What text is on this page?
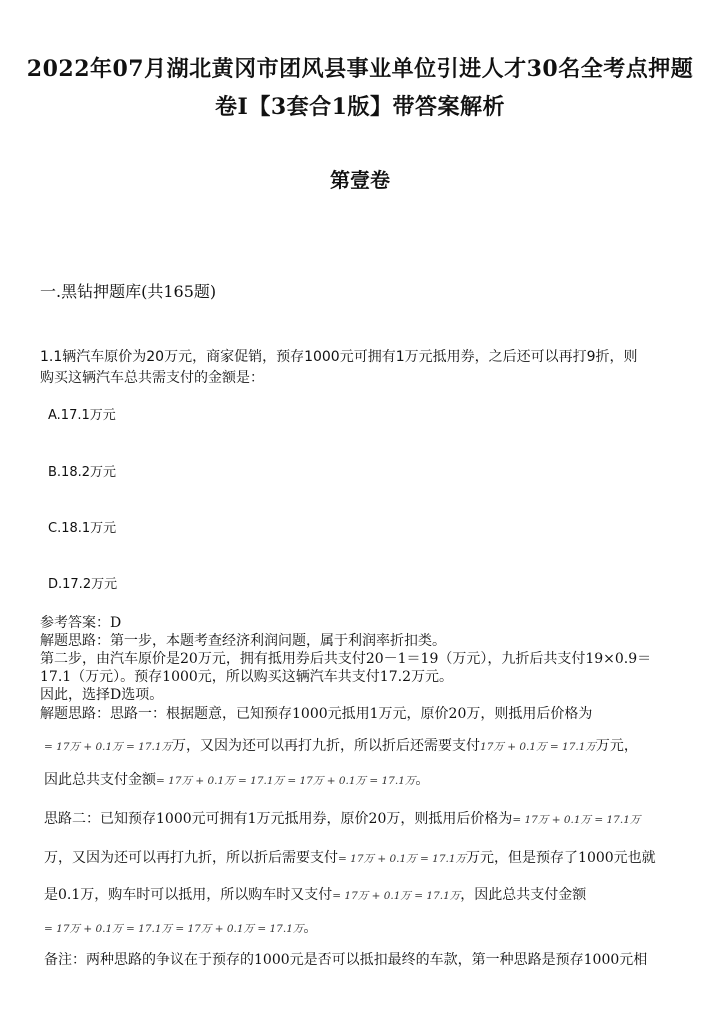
2022年07月湖北黄冈市团风县事业单位引进人才30名全考点押题
卷Ⅰ【3套合1版】带答案解析
第壹卷
一.黑钻押题库(共165题)
1.1辆汽车原价为20万元，商家促销，预存1000元可拥有1万元抵用券，之后还可以再打9折，则
购买这辆汽车总共需支付的金额是：
A.17.1万元
B.18.2万元
C.18.1万元
D.17.2万元
参考答案：D
解题思路：第一步，本题考查经济利润问题，属于利润率折扣类。
第二步，由汽车原价是20万元，拥有抵用券后共支付20－1＝19（万元），九折后共支付19×0.9＝
17.1（万元）。预存1000元，所以购买这辆汽车共支付17.2万元。
因此，选择D选项。
解题思路：思路一：根据题意，已知预存1000元抵用1万元，原价20万，则抵用后价格为
= 17万 + 0.1万 = 17.1万万，又因为还可以再打九折，所以折后还需要支付17万 + 0.1万 = 17.1万万元，
因此总共支付金额= 17万 + 0.1万 = 17.1万 = 17万 + 0.1万 = 17.1万。
思路二：已知预存1000元可拥有1万元抵用券，原价20万，则抵用后价格为= 17万 + 0.1万 = 17.1万
万，又因为还可以再打九折，所以折后需要支付= 17万 + 0.1万 = 17.1万万元，但是预存了1000元也就
是0.1万，购车时可以抵用，所以购车时又支付= 17万 + 0.1万 = 17.1万，因此总共支付金额
= 17万 + 0.1万 = 17.1万 = 17万 + 0.1万 = 17.1万。
备注：两种思路的争议在于预存的1000元是否可以抵扣最终的车款，第一种思路是预存1000元相
